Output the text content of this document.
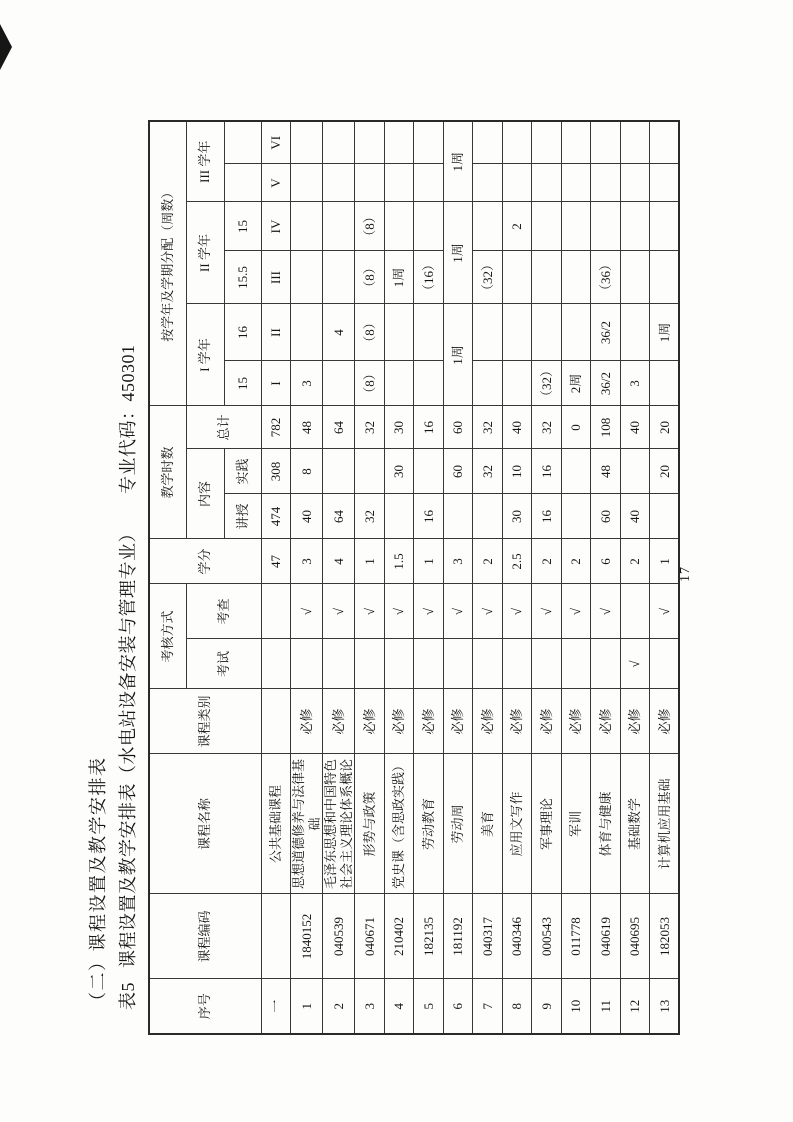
（二）课程设置及教学安排表 表5课程设置及教学安排表（水电站设备安装与管理专业）专业代码：450301
序号	课程编码	课程名称	课程类别	考核方式		学分	教学时数			按学年及学期分配（周数）					
				考试	考查		内容		总计	I 学年		II 学年		III 学年	
							讲授	实践		15	16	15.5	15		
一		公共基础课程				47	474	308	782	I	II	III	IV	V	VI
1	1840152	思想道德修养与法律基础	必修		√	3	40	8	48	3					
2	040539	毛泽东思想和中国特色社会主义理论体系概论	必修		√	4	64		64		4				
3	040671	形势与政策	必修		√	1	32		32	（8）	（8）	（8）	（8）		
4	210402	党史课（含思政实践）	必修		√	1.5		30	30			1周			
5	182135	劳动教育	必修		√	1	16		16			（16）			
6	181192	劳动周	必修		√	3		60	60	1周		1周		1周	
7	040317	美育	必修		√	2		32	32			（32）			
8	040346	应用文写作	必修		√	2.5	30	10	40				2		
9	000543	军事理论	必修		√	2	16	16	32	（32）					
10	011778	军训	必修		√	2			0	2周					
11	040619	体育与健康	必修		√	6	60	48	108	36/2	36/2	（36）			
12	040695	基础数学	必修	√		2	40		40	3					
13	182053	计算机应用基础	必修		√	1		20	20		1周				
17
